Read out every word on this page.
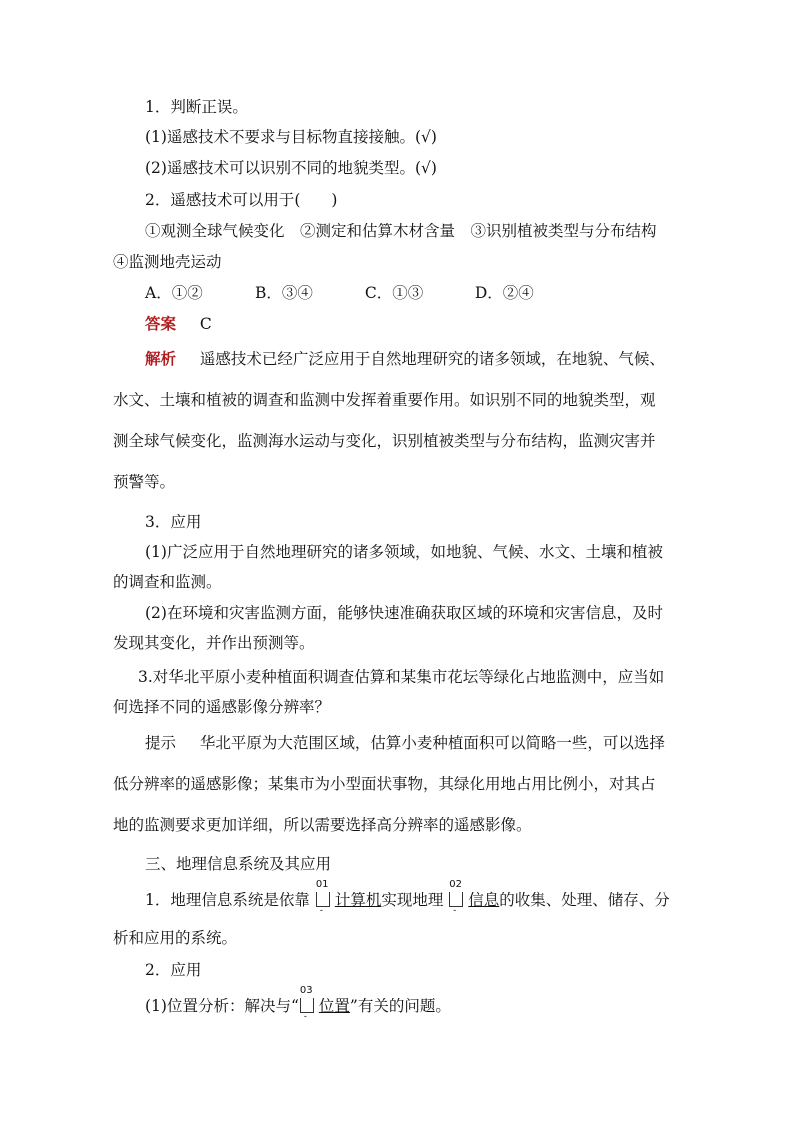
1．判断正误。
(1)遥感技术不要求与目标物直接接触。(√)
(2)遥感技术可以识别不同的地貌类型。(√)
2．遥感技术可以用于(　　)
①观测全球气候变化　②测定和估算木材含量　③识别植被类型与分布结构
④监测地壳运动
A．①②	B．③④	C．①③	D．②④
答案 C
解析 遥感技术已经广泛应用于自然地理研究的诸多领域，在地貌、气候、
水文、土壤和植被的调查和监测中发挥着重要作用。如识别不同的地貌类型，观
测全球气候变化，监测海水运动与变化，识别植被类型与分布结构，监测灾害并
预警等。
3．应用
(1)广泛应用于自然地理研究的诸多领域，如地貌、气候、水文、土壤和植被
的调查和监测。
(2)在环境和灾害监测方面，能够快速准确获取区域的环境和灾害信息，及时
发现其变化，并作出预测等。
3.对华北平原小麦种植面积调查估算和某集市花坛等绿化占地监测中，应当如
何选择不同的遥感影像分辨率？
提示 华北平原为大范围区域，估算小麦种植面积可以简略一些，可以选择
低分辨率的遥感影像；某集市为小型面状事物，其绿化用地占用比例小，对其占
地的监测要求更加详细，所以需要选择高分辨率的遥感影像。
三、地理信息系统及其应用
1．地理信息系统是依靠
01
-
计算机实现地理
02
-
信息的收集、处理、储存、分
析和应用的系统。
2．应用
(1)位置分析：解决与“
03
-
位置”有关的问题。
